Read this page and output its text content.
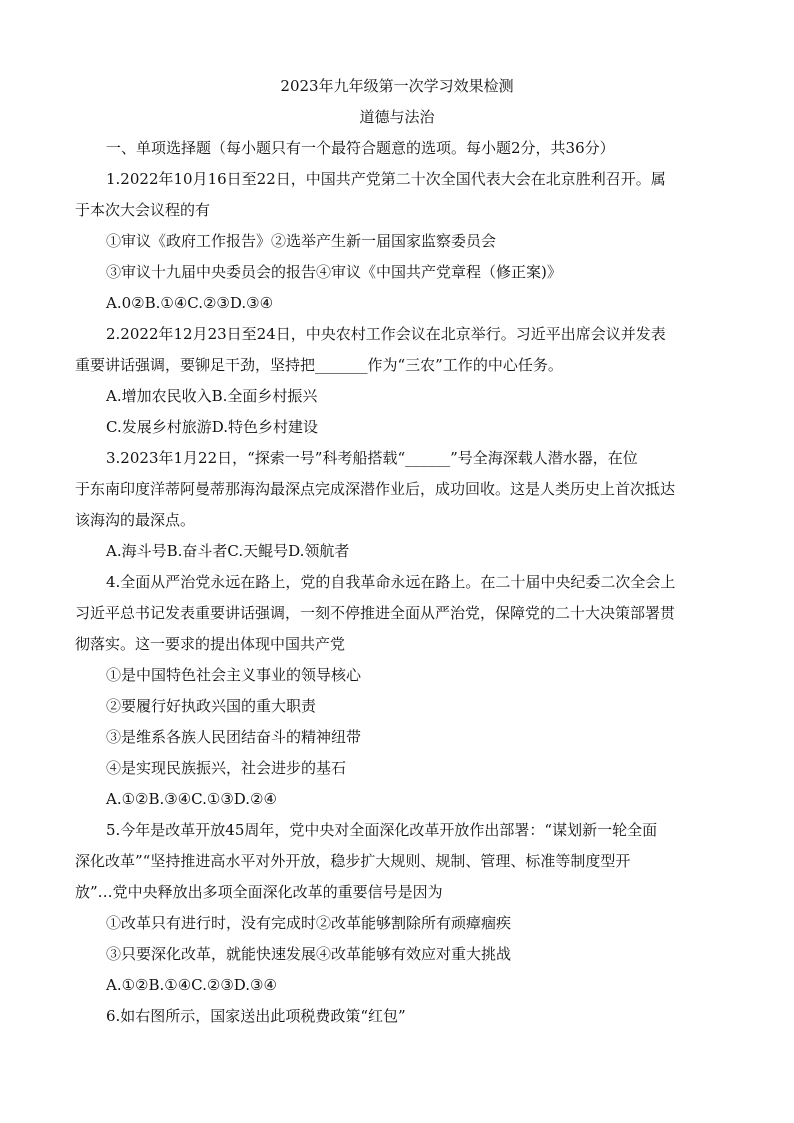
2023年九年级第一次学习效果检测

道德与法治

一、单项选择题（每小题只有一个最符合题意的选项。每小题2分，共36分）

1.2022年10月16日至22日，中国共产党第二十次全国代表大会在北京胜利召开。属

于本次大会议程的有

①审议《政府工作报告》②选举产生新一届国家监察委员会

③审议十九届中央委员会的报告④审议《中国共产党章程（修正案)》

A.0②B.①④C.②③D.③④

2.2022年12月23日至24日，中央农村工作会议在北京举行。习近平出席会议并发表

重要讲话强调，要铆足干劲，坚持把_______作为“三农”工作的中心任务。

A.增加农民收入B.全面乡村振兴

C.发展乡村旅游D.特色乡村建设

3.2023年1月22日，“探索一号”科考船搭载“______”号全海深载人潜水器，在位

于东南印度洋蒂阿曼蒂那海沟最深点完成深潜作业后，成功回收。这是人类历史上首次抵达

该海沟的最深点。

A.海斗号B.奋斗者C.天鲲号D.领航者

4.全面从严治党永远在路上，党的自我革命永远在路上。在二十届中央纪委二次全会上

习近平总书记发表重要讲话强调，一刻不停推进全面从严治党，保障党的二十大决策部署贯

彻落实。这一要求的提出体现中国共产党

①是中国特色社会主义事业的领导核心

②要履行好执政兴国的重大职责

③是维系各族人民团结奋斗的精神纽带

④是实现民族振兴，社会进步的基石

A.①②B.③④C.①③D.②④

5.今年是改革开放45周年，党中央对全面深化改革开放作出部署：“谋划新一轮全面

深化改革”“坚持推进高水平对外开放，稳步扩大规则、规制、管理、标准等制度型开

放”…党中央释放出多项全面深化改革的重要信号是因为

①改革只有进行时，没有完成时②改革能够割除所有顽瘴痼疾

③只要深化改革，就能快速发展④改革能够有效应对重大挑战

A.①②B.①④C.②③D.③④

6.如右图所示，国家送出此项税费政策“红包”
